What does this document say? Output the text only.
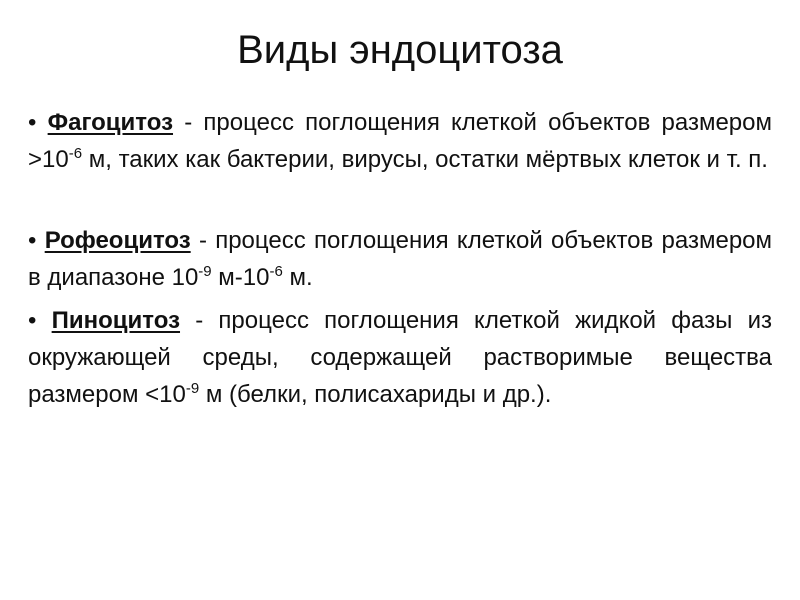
Виды эндоцитоза

• Фагоцитоз - процесс поглощения клеткой объектов размером $>10^{-6}$ м, таких как бактерии, вирусы, остатки мёртвых клеток и т. п.

• Рофеоцитоз - процесс поглощения клеткой объектов размером в диапазоне $10^{-9}$ $м-10^{-6}$ м.

• Пиноцитоз - процесс поглощения клеткой жидкой фазы из окружающей среды, содержащей растворимые вещества размером $<10^{-9}$ м (белки, полисахариды и др.).
